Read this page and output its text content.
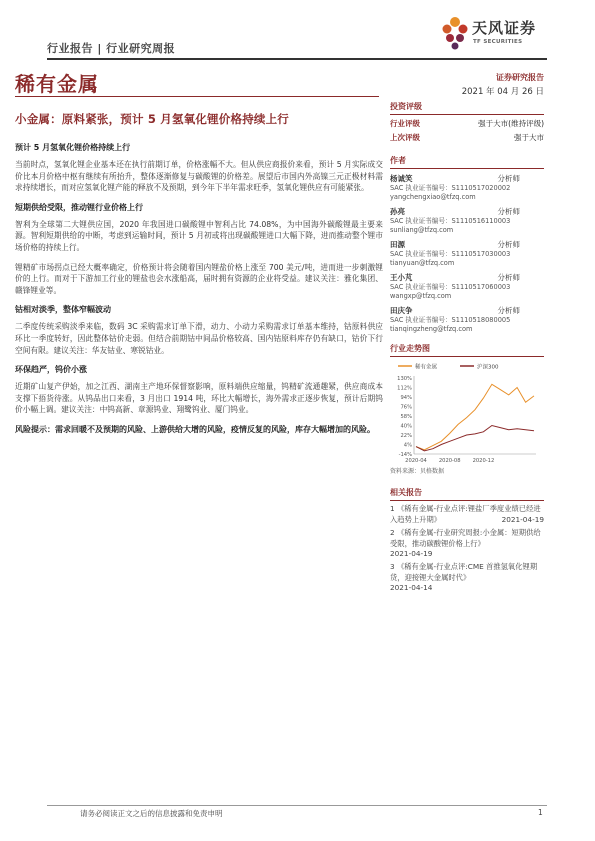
行业报告 | 行业研究周报
天风证券
TF SECURITIES
稀有金属	证券研究报告
2021 年 04 月 26 日
小金属：原料紧张，预计 5 月氢氧化锂价格持续上行
预计 5 月氢氧化锂价格持续上行
当前时点，氢氧化锂企业基本还在执行前期订单，价格涨幅不大。但从供应商报价来看，预计 5 月实际成交价比本月价格中枢有继续有所抬升，整体逐渐修复与碳酸锂的价格差。展望后市国内外高镍三元正极材料需求持续增长，而对应氢氧化锂产能的释放不及预期，到今年下半年需求旺季，氢氧化锂供应有可能紧张。
短期供给受限，推动锂行业价格上行
智利为全球第二大锂供应国，2020 年我国进口碳酸锂中智利占比 74.08%，为中国海外碳酸锂最主要来源。智利短期供给的中断，考虑到运输时间，预计 5 月初或将出现碳酸锂进口大幅下降，进而推动整个锂市场价格的持续上行。
锂精矿市场拐点已经大概率确定，价格预计将会随着国内锂盐价格上涨至 700 美元/吨，进而进一步刺激锂价的上行。而对于下游加工行业的锂盐也会水涨船高，届时拥有资源的企业将受益。建议关注：雅化集团、赣锋锂业等。
钴相对淡季，整体窄幅波动
二季度传统采购淡季来临，数码 3C 采购需求订单下滑，动力、小动力采购需求订单基本维持，钴原料供应环比一季度转好，因此整体钴价走弱。但结合前期钴中间品价格较高、国内钴原料库存仍有缺口，钴价下行空间有限。建议关注：华友钴业、寒锐钴业。
环保趋严，钨价小涨
近期矿山复产伊始，加之江西、湖南主产地环保督察影响，原料端供应缩量，钨精矿流通趣紧，供应商成本支撑下捂货待涨。从钨品出口来看，3 月出口 1914 吨，环比大幅增长，海外需求正逐步恢复，预计后期钨价小幅上调。建议关注：中钨高新、章源钨业、翔鹭钨业、厦门钨业。
风险提示：需求回暖不及预期的风险、上游供给大增的风险，疫情反复的风险，库存大幅增加的风险。
投资评级
行业评级	强于大市(维持评级)
上次评级	强于大市
作者
杨诚笑	分析师
SAC 执业证书编号：S1110517020002
yangchengxiao@tfzq.com
孙亮	分析师
SAC 执业证书编号：S1110516110003
sunliang@tfzq.com
田源	分析师
SAC 执业证书编号：S1110517030003
tianyuan@tfzq.com
王小芃	分析师
SAC 执业证书编号：S1110517060003
wangxp@tfzq.com
田庆争	分析师
SAC 执业证书编号：S1110518080005
tianqingzheng@tfzq.com
行业走势图
稀有金属	沪深300
130%
112%
94%
76%
58%
40%
22%
4%
-14%
2020-04 2020-08 2020-12
资料来源：贝格数据
相关报告
1 《稀有金属-行业点评:锂盐厂季度业绩已经进入趋势上升期》	2021-04-19
2 《稀有金属-行业研究周报:小金属：短期供给受限，推动碳酸锂价格上行》
2021-04-19
3 《稀有金属-行业点评:CME 首推氢氧化锂期货，迎接锂大金属时代》
2021-04-14
请务必阅读正文之后的信息披露和免责申明	1
